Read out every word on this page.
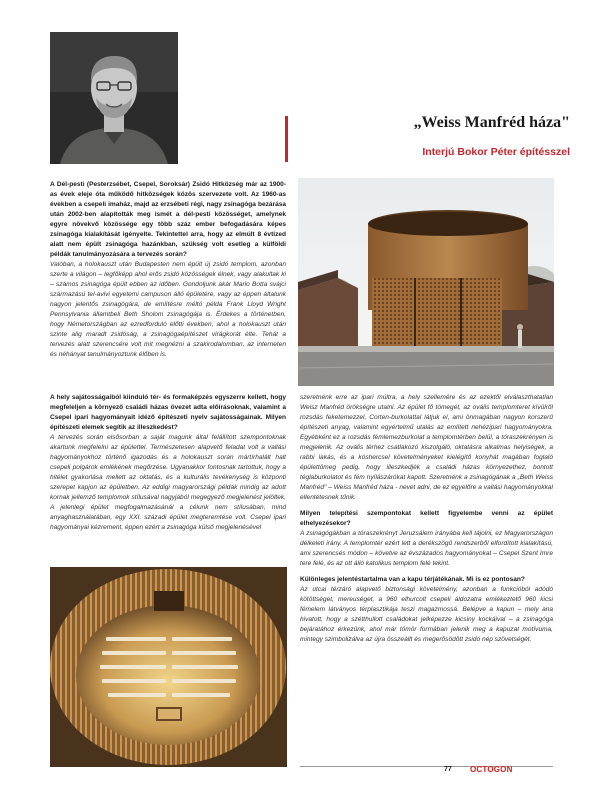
„Weiss Manfréd háza"
Interjú Bokor Péter építésszel

A Dél-pesti (Pesterzsébet, Csepel, Soroksár) Zsidó Hitközség már az 1900-as évek eleje óta működő hitközségek közös szervezete volt. Az 1960-as években a csepeli imaház, majd az erzsébeti régi, nagy zsinagóga bezárása után 2002-ben alapították meg ismét a dél-pesti közösséget, amelynek egyre növekvő közössége egy több száz ember befogadására képes zsinagóga kialakítását igényelte. Tekintettel arra, hogy az elmúlt 8 évtized alatt nem épült zsinagóga hazánkban, szükség volt esetleg a külföldi példák tanulmányozására a tervezés során?

Valóban, a holokauszt után Budapesten nem épült új zsidó templom, azonban szerte a világon – legfőképp ahol erős zsidó közösségek élnek, vagy alakultak ki – számos zsinagóga épült ebben az időben. Gondoljunk akár Mario Botta svájci származású tel-avivi egyetemi campuson álló épületére, vagy az éppen általunk nagyon jelentős zsinagógára, de említésre méltó példa Frank Lloyd Wright Pennsylvania államtbeli Beth Sholom zsinagógája is. Érdekes a történetben, hogy Németországban az ezredforduló előtti években, ahol a holokauszt után szinte alig maradt zsidóság, a zsinagógaépítészet virágkorát élte. Tehát a tervezés alatt szerencsére volt mit megnézni a szakirodalomban, az interneten és néhányat tanulmányoztunk élőben is.

A hely sajátosságaiból kiinduló tér- és formaképzés egyszerre kellett, hogy megfeleljen a környező családi házas övezet adta előírásoknak, valamint a Csepel ipari hagyományait idéző építészeti nyelv sajátosságainak. Milyen építészeti elemek segítik az illeszkedést?

A tervezés során elsősorban a saját magunk által felállított szempontoknak akartunk megfelelni az épülettel. Természetesen alapvető feladat volt a vallási hagyományokhoz történő igazodás és a holokauszt során mártírhalált halt csepeli polgárok emlékének megőrzése. Ugyanakkor fontosnak tartottuk, hogy a hitélet gyakorlása mellett az oktatás, és a kulturális tevékenység is központi szerepet kapjon az épületben. Az eddigi magyarországi példák mindig az adott kornak jellemző templomok stílusával nagyjából megegyező megjelenést jelöltek. A jelenlegi épület megfogalmazásánál a célunk nem stílusában, mind anyaghasználatában, egy XXI. századi épület megteremtése volt. Csepel ipari hagyományai kézrement, éppen ezért a zsinagóga külső megjelenésével

szeretnénk erre az ipari múltra, a hely szellemére és az ezektől elválaszthatatlan Weisz Manfréd örökségre utalni. Az épület fő tömegét, az ovális templomteret kívülről rozsdás feketemezzel, Corten-burkolattal látjuk el, ami önmagában nagyon korszerű építészeti anyag, valamint egyértelmű utalás az említett nehézipari hagyományokra. Egyébként ez a rozsdás fémlemezburkolat a templomtérben belül, a tóraszekrényen is megjelenik. Az ovális térhez csatlakozó kiszolgáló, oktatásra alkalmas helyiségek, a rabbi lakás, és a kóshercsel követelményeket kielégítő konyhát magában foglaló épülettömeg pedig, hogy illeszkedjék a családi házas környezethez, bontott téglaburkolatot és fém nyílászárókat kapott. Szeretnénk a zsinagógának a „Beth Weiss Manfréd" – Weiss Manfréd háza - nevet adni, de ez egyelőre a vallási hagyományokkal ellentétesnek tűnik.

Milyen telepítési szempontokat kellett figyelembe venni az épület elhelyezésekor?

A zsinagógákban a tóraszekrényt Jeruzsálem irányába kell tájolni, ez Magyarországon délkeleti irány. A templomtér ezért lett a derékszögű rendszerből elfordított kialakítású, ami szerencsés módon – követve az évszázados hagyományokat – Csepel Szent Imre tere felé, és az ott álló katolikus templom felé tekint.

Különleges jelentéstartalma van a kapu térjátékának. Mi is ez pontosan?

Az utcai térzáró alapvető biztonsági követelmény, azonban a funkcióból adódó kötöttséget, mereuséget, a 960 elhurcolt csepeli áldozatra emlékeztető 960 kicsi fémelem látványos térplasztikája teszi magazmossá. Belépve a kapun – mely ana hivatott, hogy a szétthullott családokat jelképezze kicsiny kockáival – a zsinagóga bejáratához érkezünk, ahol már tömör formában jelenik meg a kapuzat motívuma, mintegy szimbolizálva az újra összeállt és megerősödött zsidó nép szövetségét.

77 OCTOGON
